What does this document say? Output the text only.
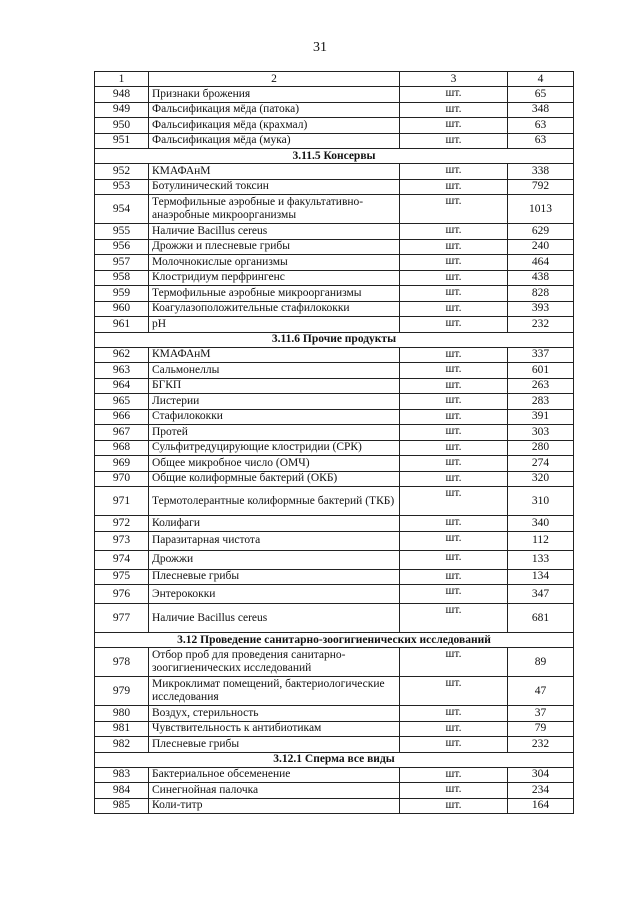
31
1	2	3	4
948	Признаки брожения	шт.	65
949	Фальсификация мёда (патока)	шт.	348
950	Фальсификация мёда (крахмал)	шт.	63
951	Фальсификация мёда (мука)	шт.	63
3.11.5 Консервы			
952	КМАФАнМ	шт.	338
953	Ботулинический токсин	шт.	792
954	Термофильные аэробные и факультативно-анаэробные микроорганизмы	шт.	1013
955	Наличие Bacillus cereus	шт.	629
956	Дрожжи и плесневые грибы	шт.	240
957	Молочнокислые организмы	шт.	464
958	Клостридиум перфрингенс	шт.	438
959	Термофильные аэробные микроорганизмы	шт.	828
960	Коагулазоположительные стафилококки	шт.	393
961	pH	шт.	232
3.11.6 Прочие продукты			
962	КМАФАнМ	шт.	337
963	Сальмонеллы	шт.	601
964	БГКП	шт.	263
965	Листерии	шт.	283
966	Стафилококки	шт.	391
967	Протей	шт.	303
968	Сульфитредуцирующие клостридии (СРК)	шт.	280
969	Общее микробное число (ОМЧ)	шт.	274
970	Общие колиформные бактерий (ОКБ)	шт.	320
971	Термотолерантные колиформные бактерий (ТКБ)	шт.	310
972	Колифаги	шт.	340
973	Паразитарная чистота	шт.	112
974	Дрожжи	шт.	133
975	Плесневые грибы	шт.	134
976	Энтерококки	шт.	347
977	Наличие Bacillus cereus	шт.	681
3.12 Проведение санитарно-зоогигиенических исследований			
978	Отбор проб для проведения санитарно-зоогигиенических исследований	шт.	89
979	Микроклимат помещений, бактериологические исследования	шт.	47
980	Воздух, стерильность	шт.	37
981	Чувствительность к антибиотикам	шт.	79
982	Плесневые грибы	шт.	232
3.12.1 Сперма все виды			
983	Бактериальное обсеменение	шт.	304
984	Синегнойная палочка	шт.	234
985	Коли-титр	шт.	164
